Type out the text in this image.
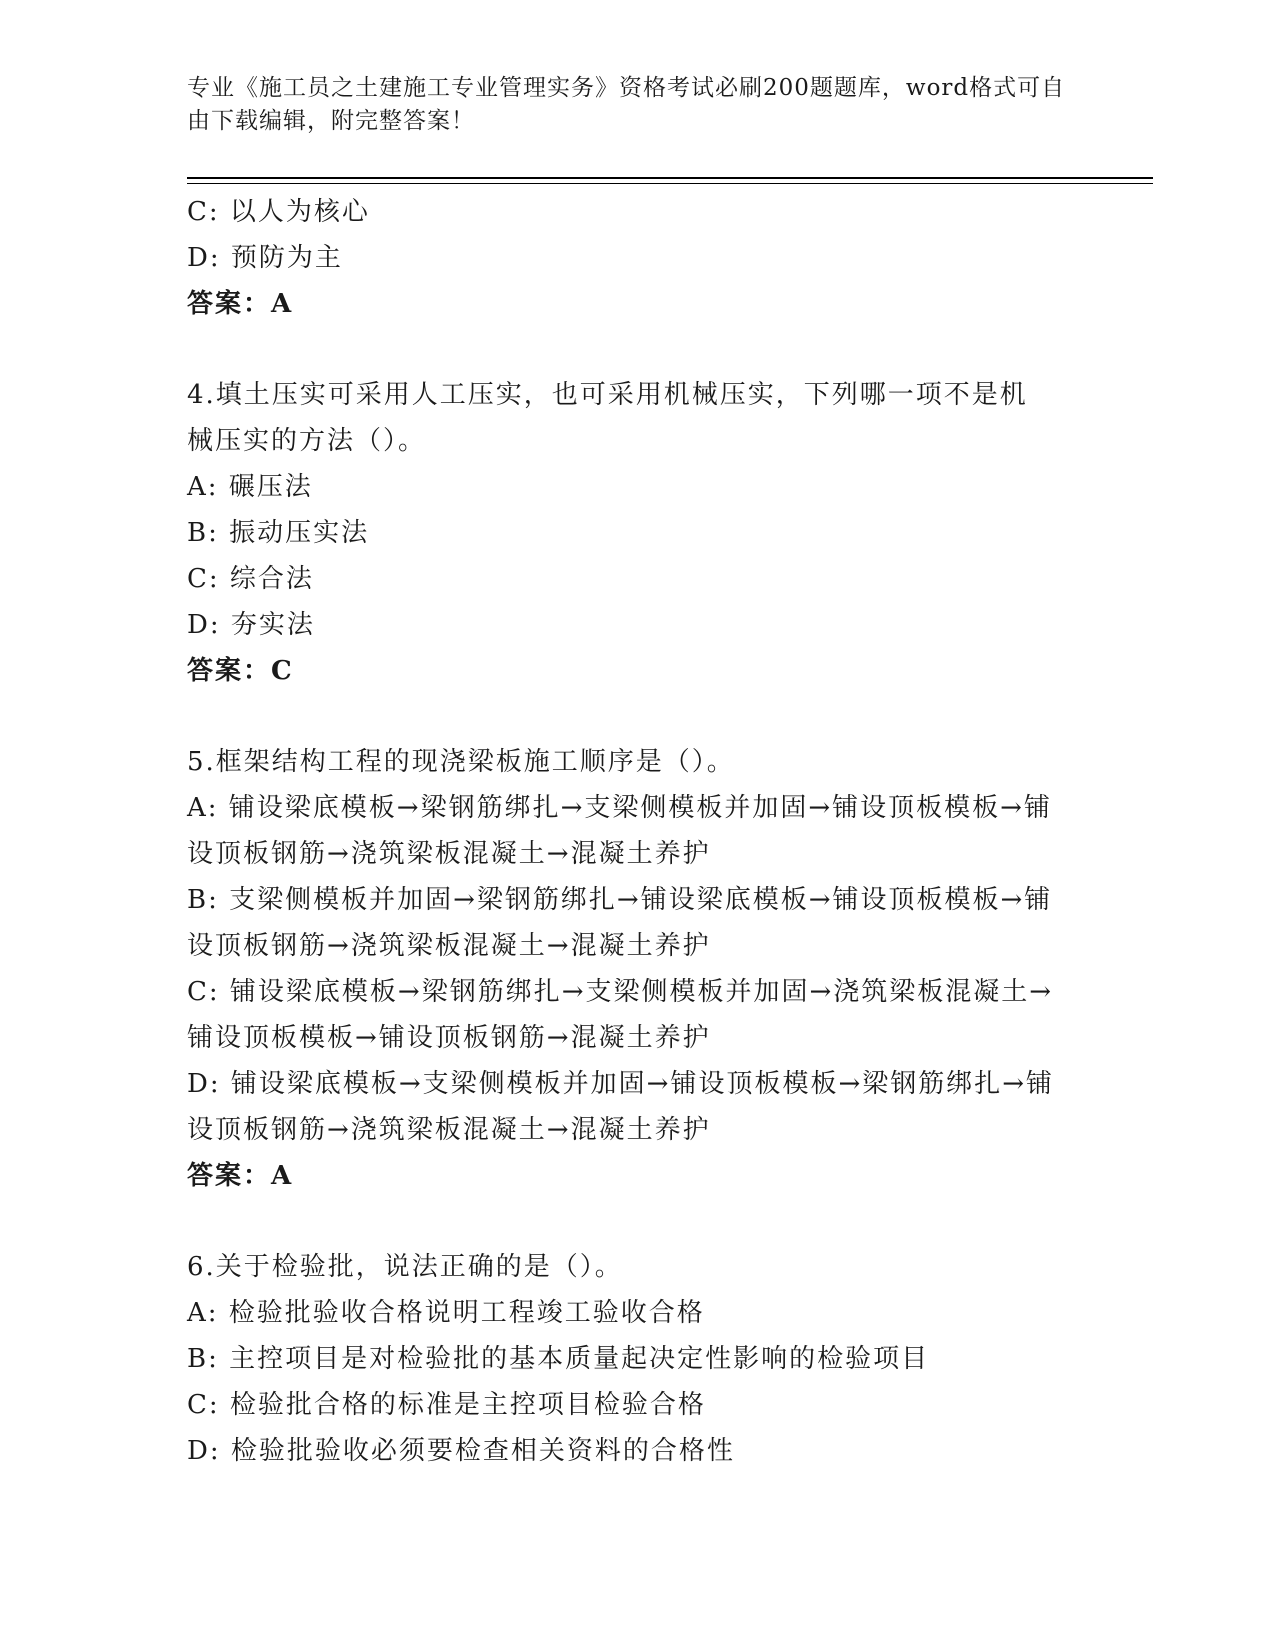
专业《施工员之土建施工专业管理实务》资格考试必刷200题题库，word格式可自由下载编辑，附完整答案！

C: 以人为核心
D: 预防为主
答案：A
4.填土压实可采用人工压实，也可采用机械压实，下列哪一项不是机械压实的方法（）。
A: 碾压法
B: 振动压实法
C: 综合法
D: 夯实法
答案：C
5.框架结构工程的现浇梁板施工顺序是（）。
A: 铺设梁底模板→梁钢筋绑扎→支梁侧模板并加固→铺设顶板模板→铺设顶板钢筋→浇筑梁板混凝土→混凝土养护
B: 支梁侧模板并加固→梁钢筋绑扎→铺设梁底模板→铺设顶板模板→铺设顶板钢筋→浇筑梁板混凝土→混凝土养护
C: 铺设梁底模板→梁钢筋绑扎→支梁侧模板并加固→浇筑梁板混凝土→铺设顶板模板→铺设顶板钢筋→混凝土养护
D: 铺设梁底模板→支梁侧模板并加固→铺设顶板模板→梁钢筋绑扎→铺设顶板钢筋→浇筑梁板混凝土→混凝土养护
答案：A
6.关于检验批，说法正确的是（）。
A: 检验批验收合格说明工程竣工验收合格
B: 主控项目是对检验批的基本质量起决定性影响的检验项目
C: 检验批合格的标准是主控项目检验合格
D: 检验批验收必须要检查相关资料的合格性
